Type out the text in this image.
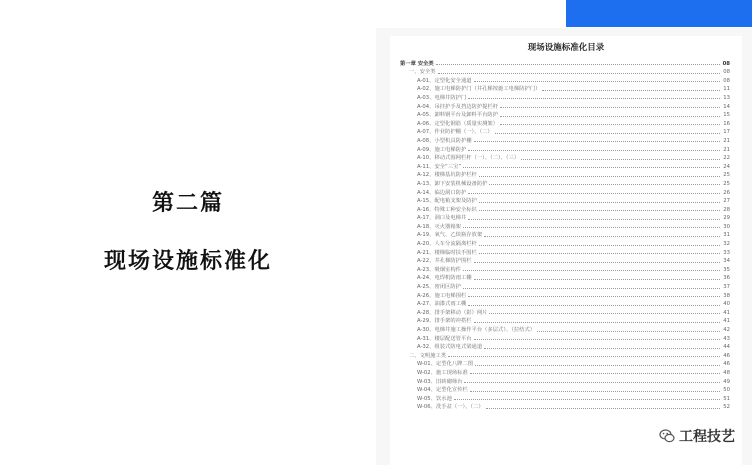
第二篇
现场设施标准化
现场设施标准化目录
第一章 安全类	08
一、安全类	08
A-01、定型化安全通道	08
A-02、施工电梯防护门（井孔梯按施工电梯防护门）	11
A-03、电梯井防护门	13
A-04、吊挂护手及挡边防护提栏杆	14
A-05、卸料钢平台及卸料平台防护	15
A-06、定型化钢筋（质量实测架）	16
A-07、作业防护棚（一）、（二）	17
A-08、小型机具防护棚	21
A-09、施工电梯防护	21
A-10、移动式围网栏杆（一）、（二）、（三）	22
A-11、安全“三宝”	24
A-12、楼梯基坑防护栏杆	25
A-13、卸下安装机械设备防护	25
A-14、临边洞口防护	26
A-15、配电箱支架及防护	27
A-16、特殊工种安全标识	28
A-17、洞口及电梯井	29
A-18、灭火器箱架	30
A-19、氧气、乙炔瓶存放架	31
A-20、人车分流隔离栏杆	32
A-21、楼梯临时扶手围栏	33
A-22、井孔梯防护围栏	34
A-23、吸烟室构件	35
A-24、电焊机防雨工棚	36
A-25、密闭区防护	37
A-26、施工电梯围栏	38
A-27、油漆式雨工棚	40
A-28、排手架移动（影）网片	41
A-29、排手架的冲搭栏	41
A-30、电梯井施工操作平台（多层式）、（拉结式）	42
A-31、楼层配送管平台	43
A-32、组装式防电式梁通道	44
二、文明施工类	46
W-01、定型化八牌二图	46
W-02、施工现场标准	48
W-03、旧砖砌筛台	49
W-04、定型化宣传栏	50
W-05、饮水池	51
W-06、洗手盆（一）、（二）	52
工程技艺
